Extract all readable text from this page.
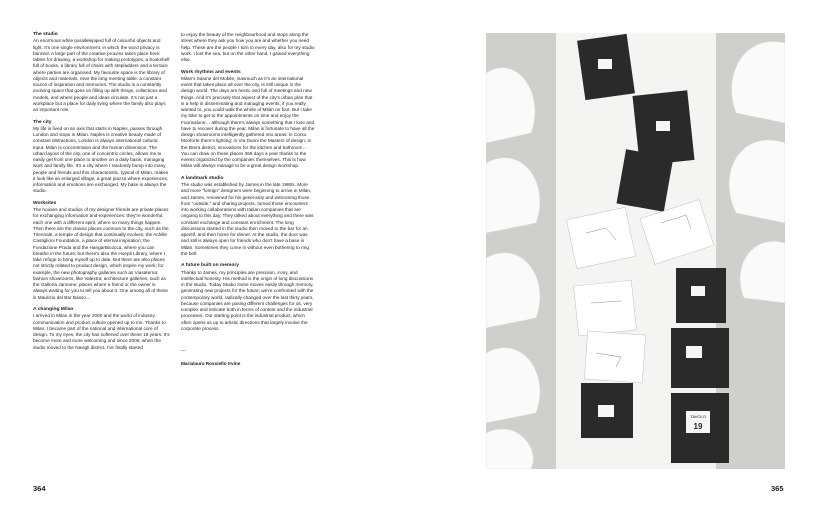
The studio

An enormous white parallelepiped full of colourful objects and light. It’s one single environment, in which the word privacy is banned. A large part of the creative process takes place here: tables for drawing, a workshop for making prototypes, a bookshelf full of books, a library full of chairs with stepladders and a terrace where parties are organised. My favourite space is the library of objects and materials, near the long meeting table: a constant source of inspiration and memories. The studio is a constantly evolving space that goes on filling up with things, collections and models, and where people and ideas circulate. It’s not just a workplace but a place for daily living where the family also plays an important role.

The city

My life is lived on an axis that starts in Naples, passes through London and stops in Milan. Naples is creative beauty made of constant distractions, London is always international cultural input. Milan is concentration and the human dimension. The urban layout of the city, one of concentric circles, allows me to easily get from one place to another on a daily basis, managing work and family life. It’s a city where I randomly bump into many people and friends and this characteristic, typical of Milan, makes it look like an enlarged village, a great piazza where experiences, information and emotions are exchanged. My base is always the studio.

Worksites

The houses and studios of my designer friends are private places for exchanging information and experiences: they’re wonderful, each one with a different spirit, where so many things happen. Then there are the classic places common to the city, such as the Triennale, a temple of design that continually evolves; the Achille Castiglioni Foundation, a place of eternal inspiration; the Fondazione Prada and the HangarBicocca, where you can breathe in the future; but there’s also the Hoepli Library, where I take refuge to bring myself up to date. But there are also places not strictly related to product design, which inspire my work; for example, the new photography galleries such as Viasaterna; fashion showrooms, like Valextra; architecture galleries, such as the Galleria Jannone; places where a friend or the owner is always waiting for you to tell you about it. One among all of these is Maurizio del Bar Basso…

A changing Milan

I arrived in Milan in the year 2000 and the world of industry, communication and product culture opened up to me. Thanks to Milan, I became part of the national and international core of design. To my eyes, the city has softened over these 18 years. It’s become more and more welcoming and since 2006, when the studio moved to the Navigli district, I’ve finally started

to enjoy the beauty of the neighbourhood and stops along the street where they ask you how you are and whether you need help. These are the people I turn to every day, also for my studio work. I lost the sea, but on the other hand, I gained everything else.

Work rhythms and events

Milan’s Salone del Mobile, inasmuch as it’s an international event that takes place all over the city, is still unique in the design world. The days are hectic and full of meetings and new things. And it’s precisely that aspect of the city’s urban plan that is a help in disseminating and managing events; if you really wanted to, you could walk the whole of Milan on foot. But I take my bike to get to the appointments on time and enjoy the Fuorisalone… although there’s always something that I lose and have to recover during the year. Milan is fortunate to have all the design showrooms intelligently gathered into areas: in Corso Monforte there’s lighting; in Via Durini the Masters of design; in the Brera district, innovations for the kitchen and bathroom… You can draw on these places 365 days a year thanks to the events organized by the companies themselves. This is how Milan will always manage to be a great design workshop.

A landmark studio

The studio was established by James in the late 1980s. More and more “foreign” designers were beginning to arrive in Milan, and James, renowned for his generosity and welcoming those from “outside,” and sharing projects, turned those encounters into working collaborations with Italian companies that are ongoing to this day. They talked about everything and there was constant exchange and constant enrichment. The long discussions started in the studio then moved to the bar for an aperitif, and then home for dinner. At the studio, the door was and still is always open for friends who don’t have a base in Milan. Sometimes they come in without even bothering to ring the bell.

A future built on memory

Thanks to James, my principles are precision, irony, and intellectual honesty. His method is the origin of long discussions in the studio. Today Studio Irvine moves easily through memory, generating new projects for the future; we’re confronted with the contemporary world, radically changed over the last thirty years, because companies are posing different challenges for us, very complex and intricate both in terms of content and the industrial processes. Our starting point is the industrial product, which often opens us up to artistic directions that largely involve the corporate process.

—

Marialaura Rossiello Irvine

364	365
TAVOLO
19
